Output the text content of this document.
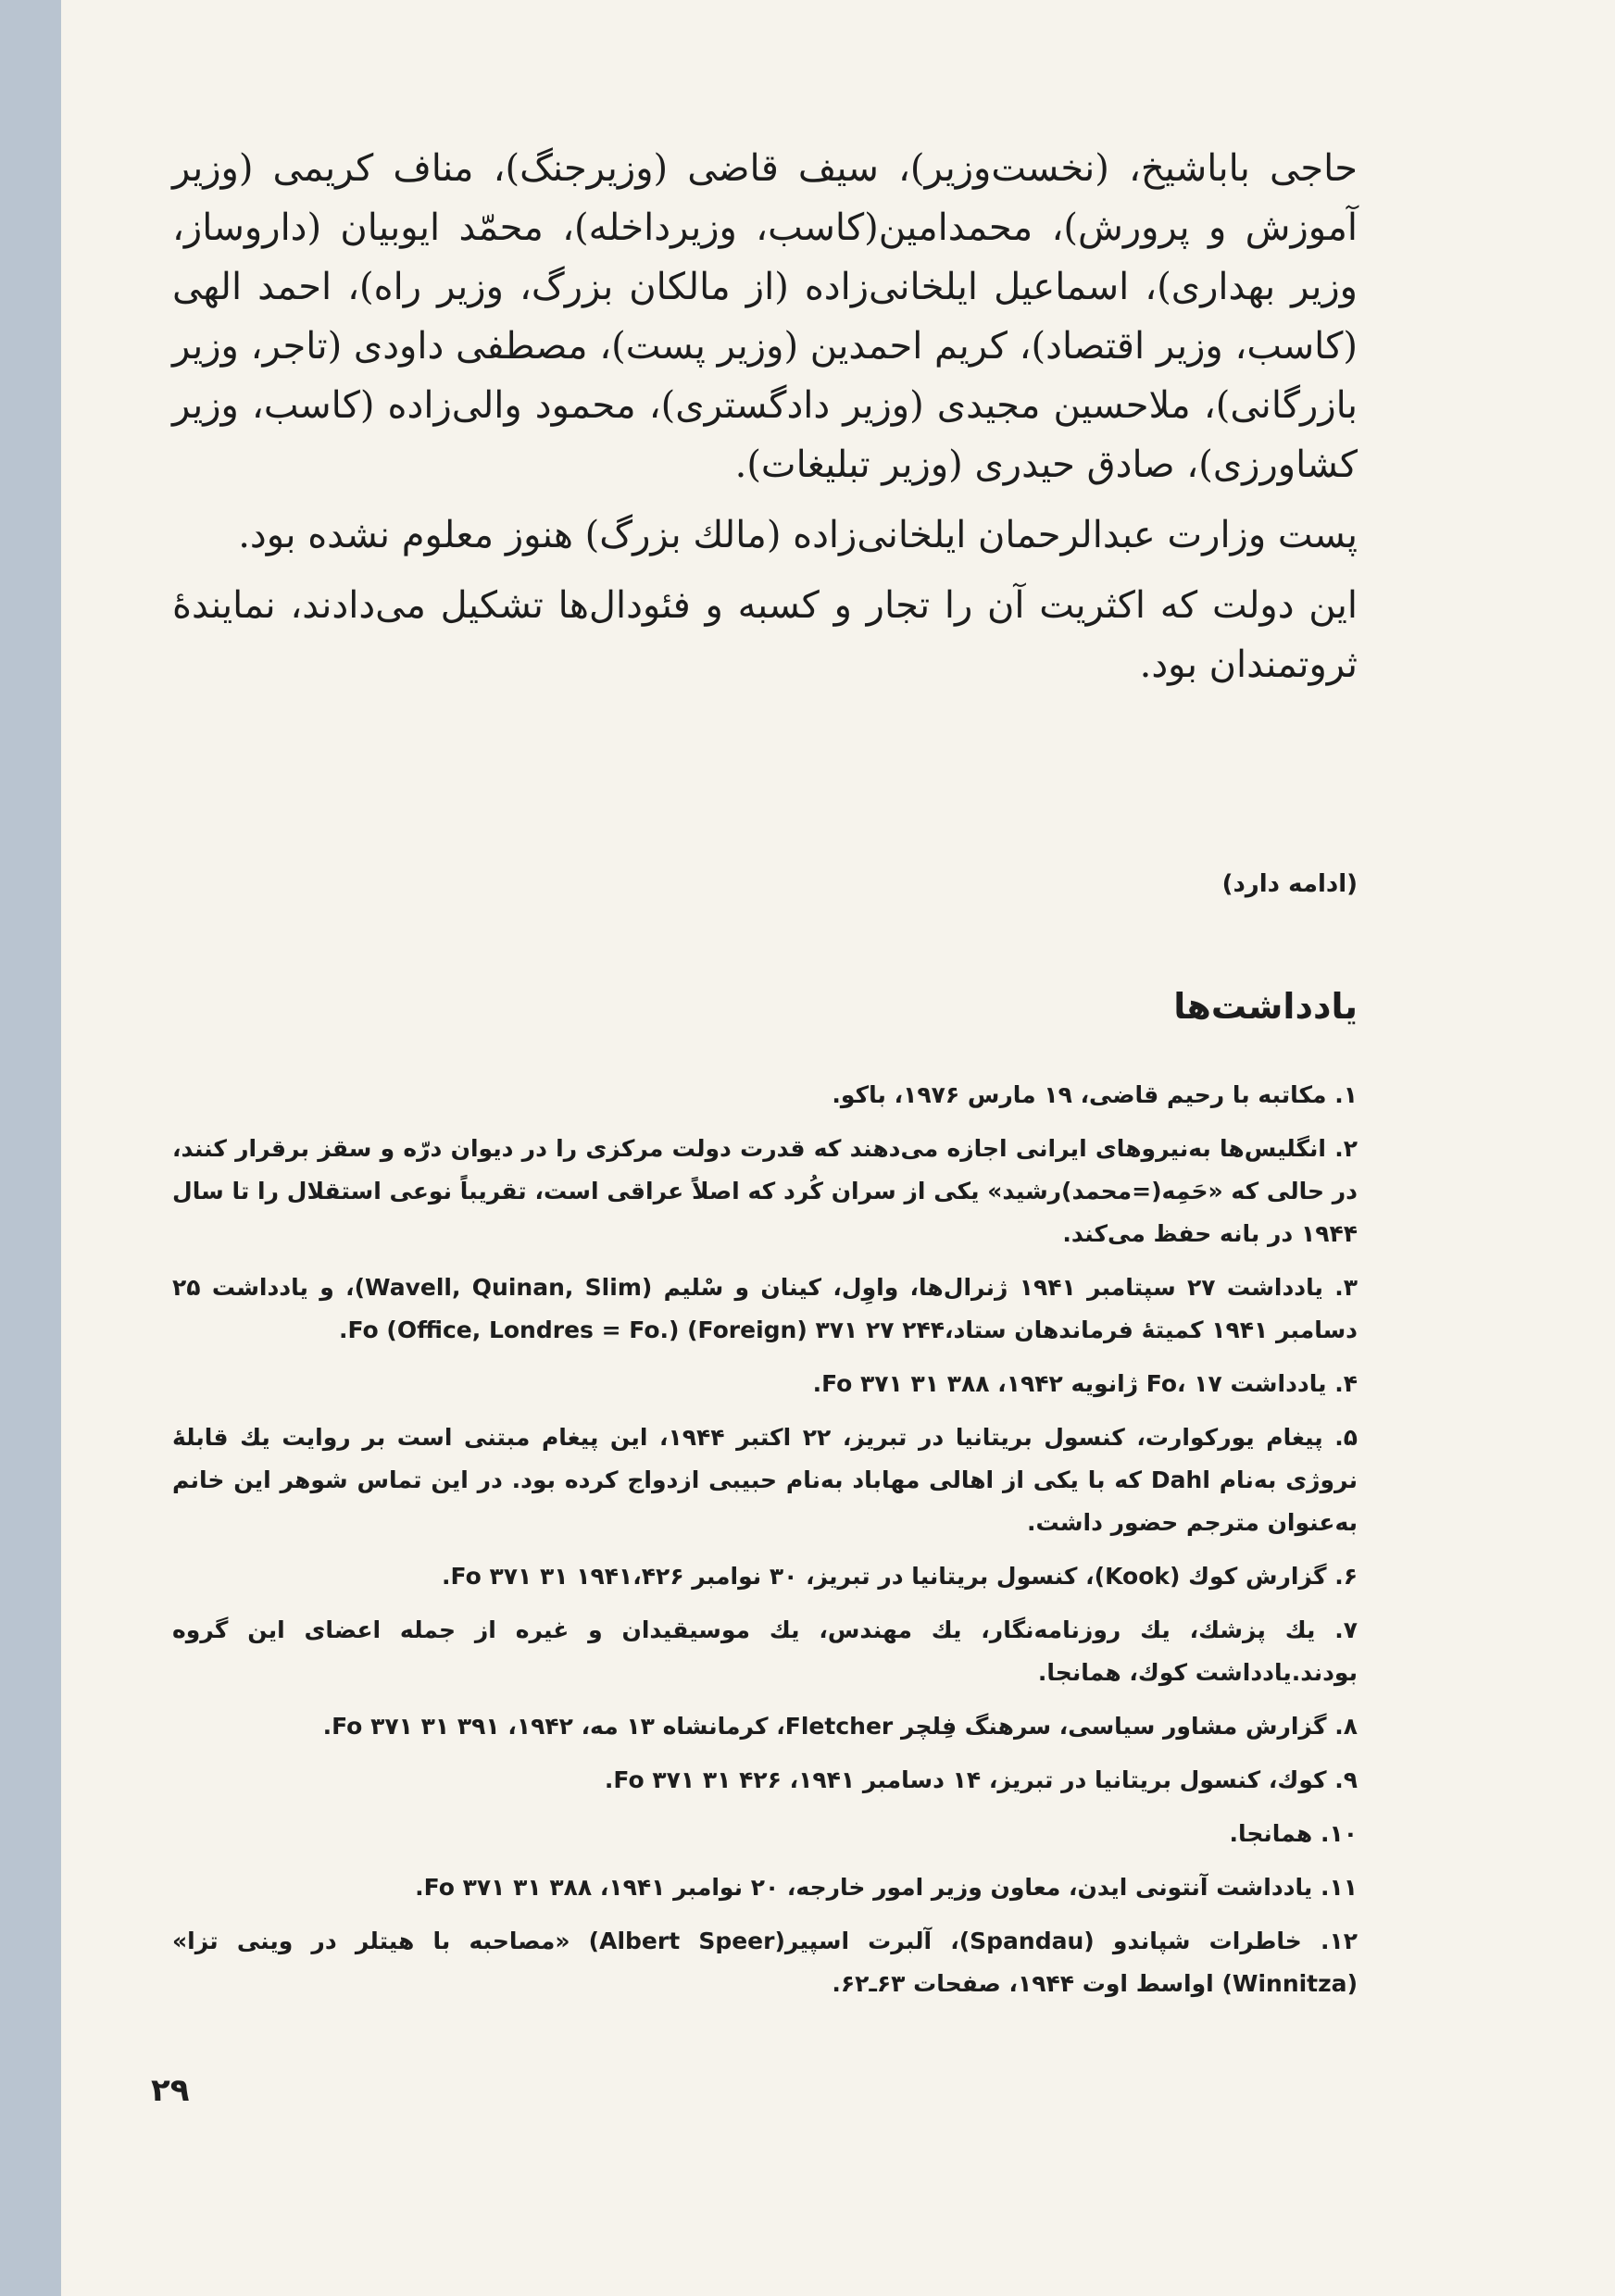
حاجی باباشیخ، (نخست‌وزیر)، سیف قاضی (وزیرجنگ)، مناف کریمی (وزیر آموزش و پرورش)، محمدامین(کاسب، وزیرداخله)، محمّد ایوبیان (داروساز، وزیر بهداری)، اسماعیل ایلخانی‌زاده (از مالکان بزرگ، وزیر راه)، احمد الهی (کاسب، وزیر اقتصاد)، کریم احمدین (وزیر پست)، مصطفی داودی (تاجر، وزیر بازرگانی)، ملاحسین مجیدی (وزیر دادگستری)، محمود والی‌زاده (کاسب، وزیر کشاورزی)، صادق حیدری (وزیر تبلیغات).

پست وزارت عبدالرحمان ایلخانی‌زاده (مالك بزرگ) هنوز معلوم نشده بود.

این دولت که اکثریت آن را تجار و کسبه و فئودال‌ها تشکیل می‌دادند، نمایندهٔ ثروتمندان بود.

(ادامه دارد)
یادداشت‌ها

۱. مکاتبه با رحیم قاضی، ۱۹ مارس ۱۹۷۶، باکو.

۲. انگلیس‌ها به‌نیروهای ایرانی اجازه می‌دهند که قدرت دولت مرکزی را در دیوان درّه و سقز برقرار کنند، در حالی که «حَمِه(=محمد)رشید» یکی از سران کُرد که اصلاً عراقی است، تقریباً نوعی استقلال را تا سال ۱۹۴۴ در بانه حفظ می‌کند.

۳. یادداشت ۲۷ سپتامبر ۱۹۴۱ ژنرال‌ها، واوِل، کینان و سْلیم (Wavell, Quinan, Slim)، و یادداشت ۲۵ دسامبر ۱۹۴۱ کمیتهٔ فرماندهان ستاد،۲۴۴ ۲۷ ۳۷۱ Fo (Office, Londres = Fo.) (Foreign).

۴. یادداشت Fo، ۱۷ ژانویه ۱۹۴۲، ۳۸۸ ۳۱ ۳۷۱ Fo.

۵. پیغام یورکوارت، کنسول بریتانیا در تبریز، ۲۲ اکتبر ۱۹۴۴، این پیغام مبتنی است بر روایت یك قابلهٔ نروژی به‌نام Dahl که با یکی از اهالی مهاباد به‌نام حبیبی ازدواج کرده بود. در این تماس شوهر این خانم به‌عنوان مترجم حضور داشت.

۶. گزارش کوك (Kook)، کنسول بریتانیا در تبریز، ۳۰ نوامبر ۱۹۴۱،۴۲۶ ۳۱ ۳۷۱ Fo.

۷. یك پزشك، یك روزنامه‌نگار، یك مهندس، یك موسیقیدان و غیره از جمله اعضای این گروه بودند.یادداشت کوك، همانجا.

۸. گزارش مشاور سیاسی، سرهنگ فِلچر Fletcher، کرمانشاه ۱۳ مه، ۱۹۴۲، ۳۹۱ ۳۱ ۳۷۱ Fo.

۹. کوك، کنسول بریتانیا در تبریز، ۱۴ دسامبر ۱۹۴۱، ۴۲۶ ۳۱ ۳۷۱ Fo.

۱۰. همانجا.

۱۱. یادداشت آنتونی ایدن، معاون وزیر امور خارجه، ۲۰ نوامبر ۱۹۴۱، ۳۸۸ ۳۱ ۳۷۱ Fo.

۱۲. خاطرات شپاندو (Spandau)، آلبرت اسپیر(Albert Speer) «مصاحبه با هیتلر در وینی تزا» (Winnitza) اواسط اوت ۱۹۴۴، صفحات ۶۳ـ۶۲.

۲۹
